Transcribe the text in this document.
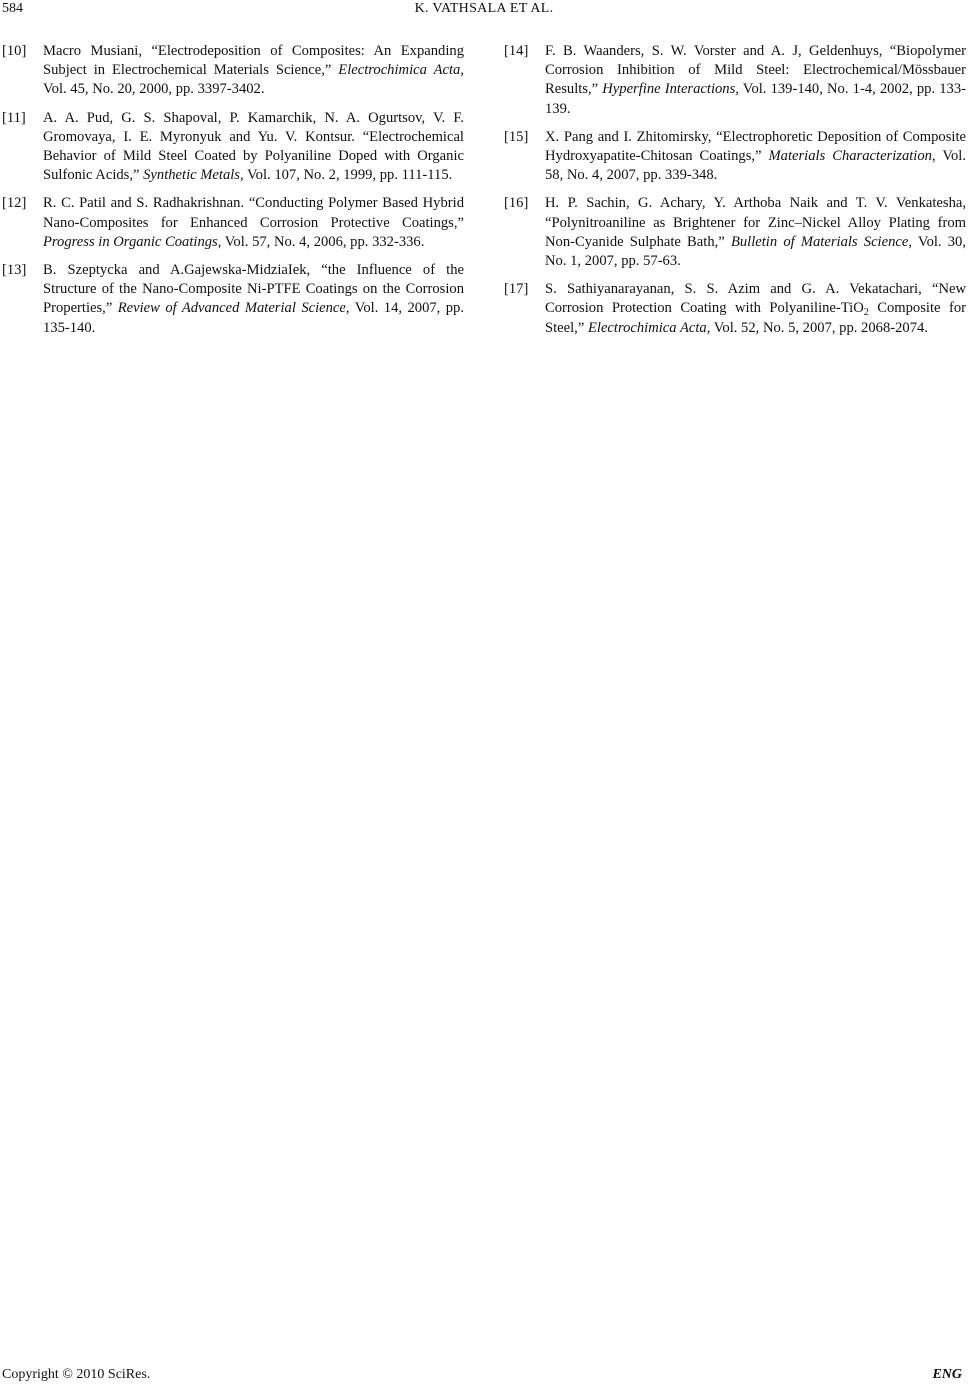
584	K. VATHSALA ET AL.
[10] Macro Musiani, “Electrodeposition of Composites: An Expanding Subject in Electrochemical Materials Science,” Electrochimica Acta, Vol. 45, No. 20, 2000, pp. 3397-3402.
[11] A. A. Pud, G. S. Shapoval, P. Kamarchik, N. A. Ogurtsov, V. F. Gromovaya, I. E. Myronyuk and Yu. V. Kontsur. “Electrochemical Behavior of Mild Steel Coated by Polyaniline Doped with Organic Sulfonic Acids,” Synthetic Metals, Vol. 107, No. 2, 1999, pp. 111-115.
[12] R. C. Patil and S. Radhakrishnan. “Conducting Polymer Based Hybrid Nano-Composites for Enhanced Corrosion Protective Coatings,” Progress in Organic Coatings, Vol. 57, No. 4, 2006, pp. 332-336.
[13] B. Szeptycka and A.Gajewska-MidziaIek, “the Influence of the Structure of the Nano-Composite Ni-PTFE Coatings on the Corrosion Properties,” Review of Advanced Material Science, Vol. 14, 2007, pp. 135-140.
[14] F. B. Waanders, S. W. Vorster and A. J, Geldenhuys, “Biopolymer Corrosion Inhibition of Mild Steel: Electrochemical/Mössbauer Results,” Hyperfine Interactions, Vol. 139-140, No. 1-4, 2002, pp. 133-139.
[15] X. Pang and I. Zhitomirsky, “Electrophoretic Deposition of Composite Hydroxyapatite-Chitosan Coatings,” Materials Characterization, Vol. 58, No. 4, 2007, pp. 339-348.
[16] H. P. Sachin, G. Achary, Y. Arthoba Naik and T. V. Venkatesha, “Polynitroaniline as Brightener for Zinc–Nickel Alloy Plating from Non-Cyanide Sulphate Bath,” Bulletin of Materials Science, Vol. 30, No. 1, 2007, pp. 57-63.
[17] S. Sathiyanarayanan, S. S. Azim and G. A. Vekatachari, “New Corrosion Protection Coating with Polyaniline-TiO$_2$ Composite for Steel,” Electrochimica Acta, Vol. 52, No. 5, 2007, pp. 2068-2074.
Copyright © 2010 SciRes.	ENG
